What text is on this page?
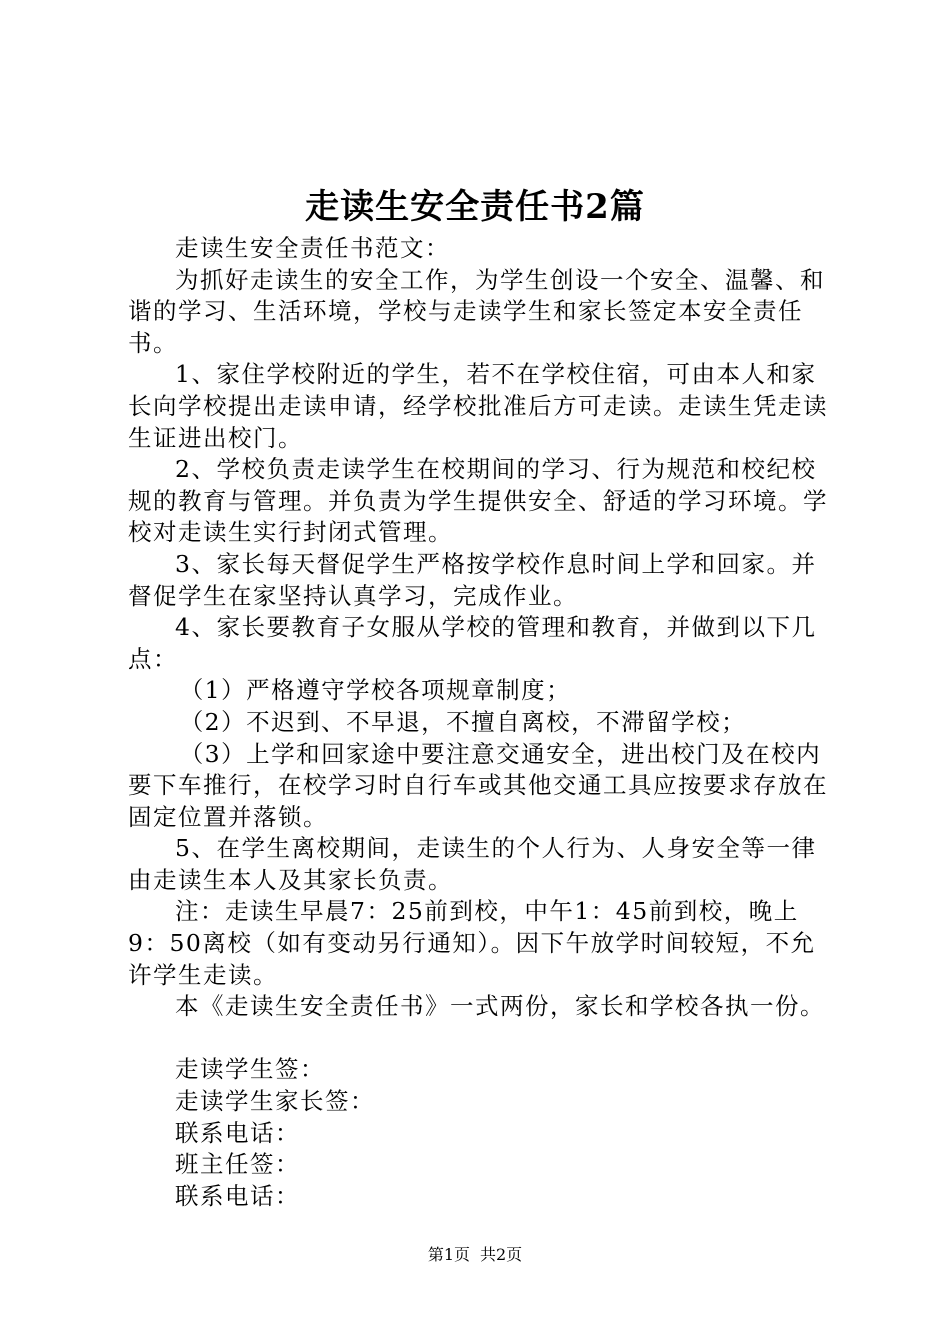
走读生安全责任书2篇

走读生安全责任书范文：

为抓好走读生的安全工作，为学生创设一个安全、温馨、和谐的学习、生活环境，学校与走读学生和家长签定本安全责任书。

1、家住学校附近的学生，若不在学校住宿，可由本人和家长向学校提出走读申请，经学校批准后方可走读。走读生凭走读生证进出校门。

2、学校负责走读学生在校期间的学习、行为规范和校纪校规的教育与管理。并负责为学生提供安全、舒适的学习环境。学校对走读生实行封闭式管理。

3、家长每天督促学生严格按学校作息时间上学和回家。并督促学生在家坚持认真学习，完成作业。

4、家长要教育子女服从学校的管理和教育，并做到以下几点：

（1）严格遵守学校各项规章制度；

（2）不迟到、不早退，不擅自离校，不滞留学校；

（3）上学和回家途中要注意交通安全，进出校门及在校内要下车推行，在校学习时自行车或其他交通工具应按要求存放在固定位置并落锁。

5、在学生离校期间，走读生的个人行为、人身安全等一律由走读生本人及其家长负责。

注：走读生早晨7：25前到校，中午1：45前到校，晚上9：50离校（如有变动另行通知）。因下午放学时间较短，不允许学生走读。

本《走读生安全责任书》一式两份，家长和学校各执一份。

走读学生签：

走读学生家长签：

联系电话：

班主任签：

联系电话：

第1页 共2页
